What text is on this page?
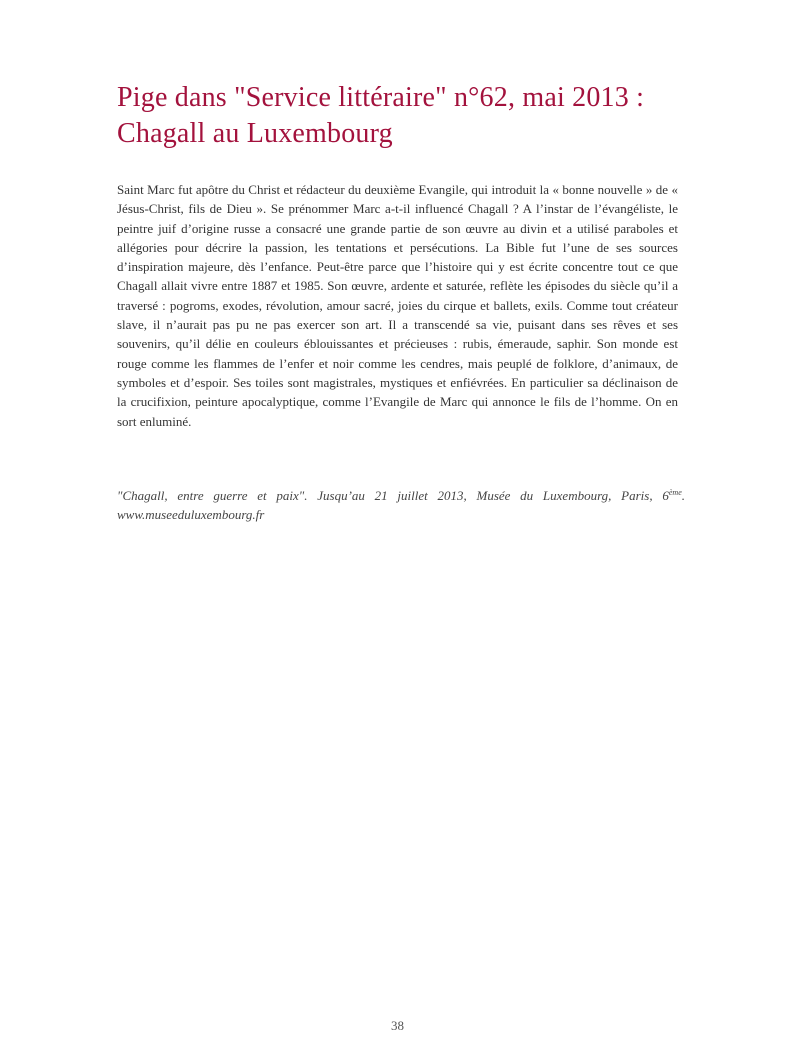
Pige dans "Service littéraire" n°62, mai 2013 : Chagall au Luxembourg

Saint Marc fut apôtre du Christ et rédacteur du deuxième Evangile, qui introduit la « bonne nouvelle » de « Jésus-Christ, fils de Dieu ». Se prénommer Marc a-t-il influencé Chagall ? A l’instar de l’évangéliste, le peintre juif d’origine russe a consacré une grande partie de son œuvre au divin et a utilisé paraboles et allégories pour décrire la passion, les tentations et persécutions. La Bible fut l’une de ses sources d’inspiration majeure, dès l’enfance. Peut-être parce que l’histoire qui y est écrite concentre tout ce que Chagall allait vivre entre 1887 et 1985. Son œuvre, ardente et saturée, reflète les épisodes du siècle qu’il a traversé : pogroms, exodes, révolution, amour sacré, joies du cirque et ballets, exils. Comme tout créateur slave, il n’aurait pas pu ne pas exercer son art. Il a transcendé sa vie, puisant dans ses rêves et ses souvenirs, qu’il délie en couleurs éblouissantes et précieuses : rubis, émeraude, saphir. Son monde est rouge comme les flammes de l’enfer et noir comme les cendres, mais peuplé de folklore, d’animaux, de symboles et d’espoir. Ses toiles sont magistrales, mystiques et enfiévrées. En particulier sa déclinaison de la crucifixion, peinture apocalyptique, comme l’Evangile de Marc qui annonce le fils de l’homme. On en sort enluminé.

"Chagall, entre guerre et paix". Jusqu’au 21 juillet 2013, Musée du Luxembourg, Paris, 6ème. www.museeduluxembourg.fr

38
